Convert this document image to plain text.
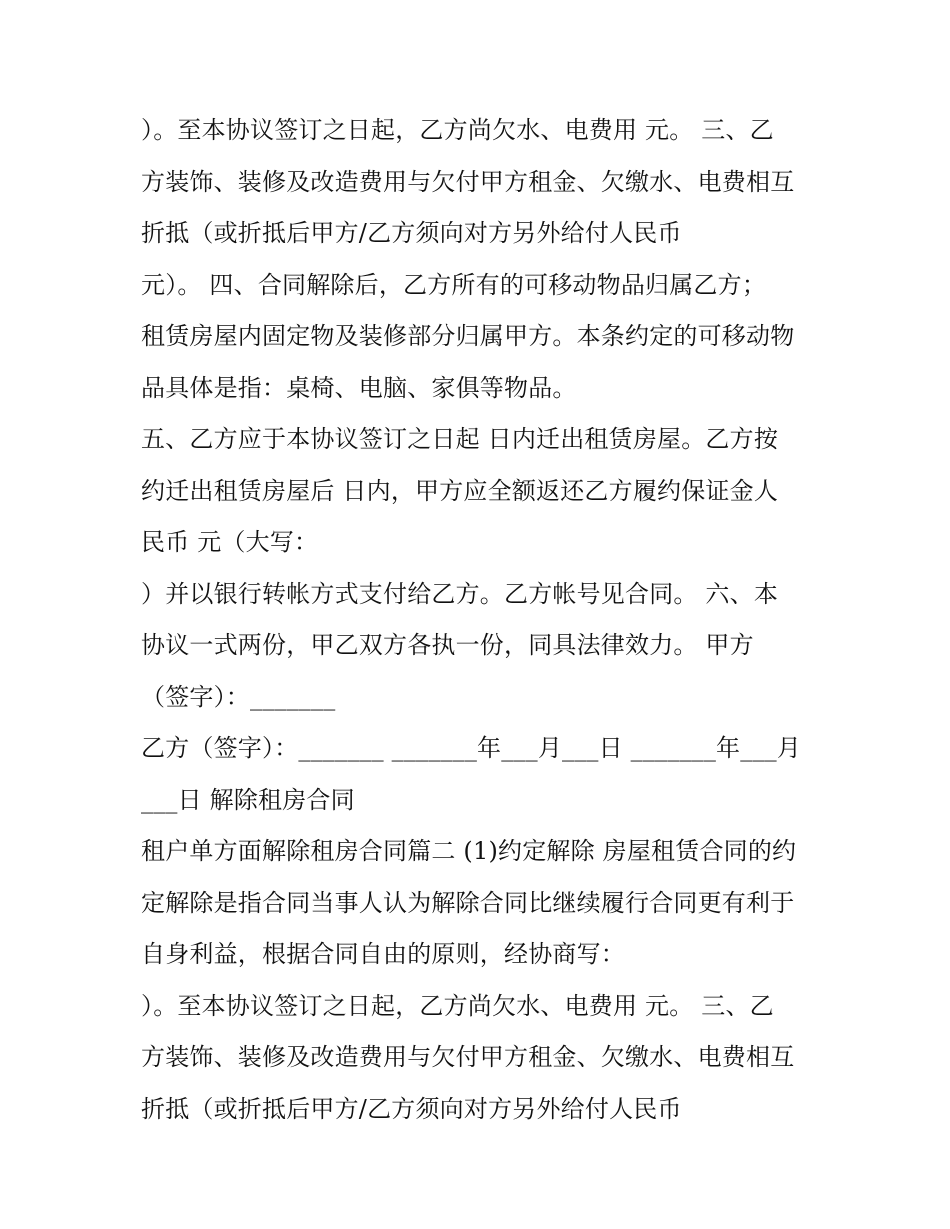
）。至本协议签订之日起，乙方尚欠水、电费用 元。 三、乙
方装饰、装修及改造费用与欠付甲方租金、欠缴水、电费相互
折抵（或折抵后甲方/乙方须向对方另外给付人民币
元）。 四、合同解除后，乙方所有的可移动物品归属乙方；
租赁房屋内固定物及装修部分归属甲方。本条约定的可移动物
品具体是指：桌椅、电脑、家俱等物品。
五、乙方应于本协议签订之日起 日内迁出租赁房屋。乙方按
约迁出租赁房屋后 日内，甲方应全额返还乙方履约保证金人
民币 元（大写：
）并以银行转帐方式支付给乙方。乙方帐号见合同。 六、本
协议一式两份，甲乙双方各执一份，同具法律效力。 甲方
（签字）：_______
乙方（签字）：_______ _______年___月___日 _______年___月
___日 解除租房合同
租户单方面解除租房合同篇二 (1)约定解除 房屋租赁合同的约
定解除是指合同当事人认为解除合同比继续履行合同更有利于
自身利益，根据合同自由的原则，经协商写：
）。至本协议签订之日起，乙方尚欠水、电费用 元。 三、乙
方装饰、装修及改造费用与欠付甲方租金、欠缴水、电费相互
折抵（或折抵后甲方/乙方须向对方另外给付人民币
